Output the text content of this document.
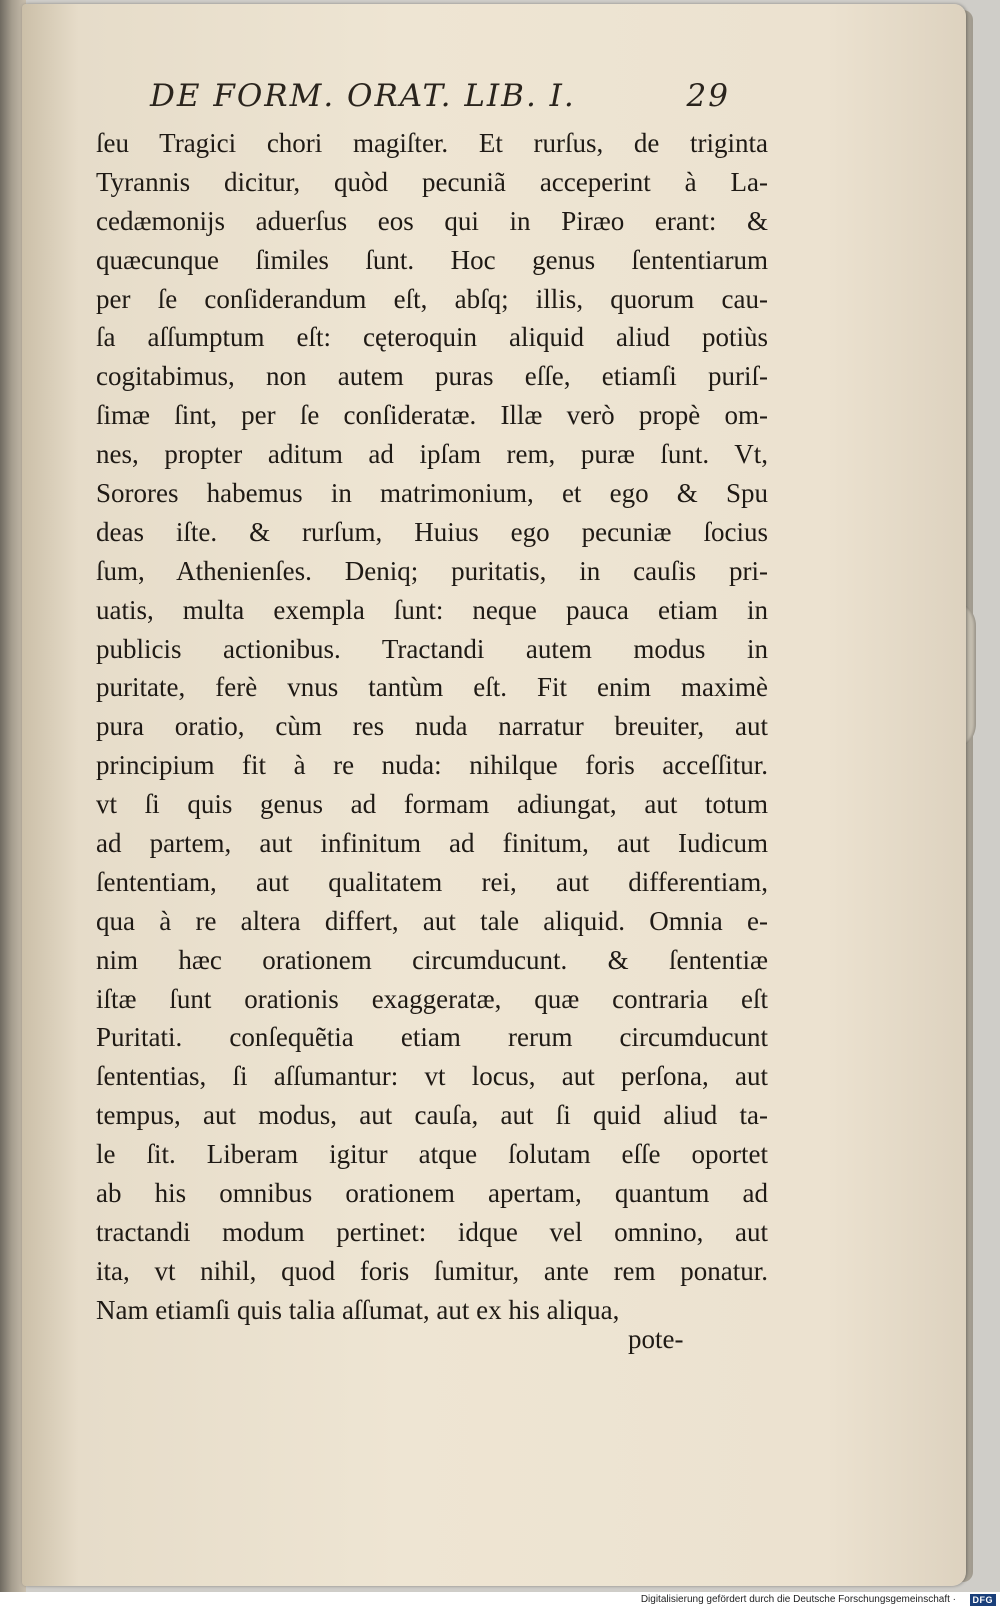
DE FORM. ORAT. LIB. I.	29
ſeu Tragici chori magiſter. Et rurſus, de triginta
Tyrannis dicitur, quòd pecuniã acceperint à La-
cedæmonijs aduerſus eos qui in Piræo erant: &
quæcunque ſimiles ſunt. Hoc genus ſententiarum
per ſe conſiderandum eſt, abſq; illis, quorum cau-
ſa aſſumptum eſt: cęteroquin aliquid aliud potiùs
cogitabimus, non autem puras eſſe, etiamſi puriſ-
ſimæ ſint, per ſe conſideratæ. Illæ verò propè om-
nes, propter aditum ad ipſam rem, puræ ſunt. Vt,
Sorores habemus in matrimonium, et ego & Spu
deas iſte. & rurſum, Huius ego pecuniæ ſocius
ſum, Athenienſes. Deniq; puritatis, in cauſis pri-
uatis, multa exempla ſunt: neque pauca etiam in
publicis actionibus. Tractandi autem modus in
puritate, ferè vnus tantùm eſt. Fit enim maximè
pura oratio, cùm res nuda narratur breuiter, aut
principium fit à re nuda: nihilque foris acceſſitur.
vt ſi quis genus ad formam adiungat, aut totum
ad partem, aut infinitum ad finitum, aut Iudicum
ſententiam, aut qualitatem rei, aut differentiam,
qua à re altera differt, aut tale aliquid. Omnia e-
nim hæc orationem circumducunt. & ſententiæ
iſtæ ſunt orationis exaggeratæ, quæ contraria eſt
Puritati. conſequẽtia etiam rerum circumducunt
ſententias, ſi aſſumantur: vt locus, aut perſona, aut
tempus, aut modus, aut cauſa, aut ſi quid aliud ta-
le ſit. Liberam igitur atque ſolutam eſſe oportet
ab his omnibus orationem apertam, quantum ad
tractandi modum pertinet: idque vel omnino, aut
ita, vt nihil, quod foris ſumitur, ante rem ponatur.
Nam etiamſi quis talia aſſumat, aut ex his aliqua,
pote-
Digitalisierung gefördert durch die Deutsche Forschungsgemeinschaft ·	DFG
